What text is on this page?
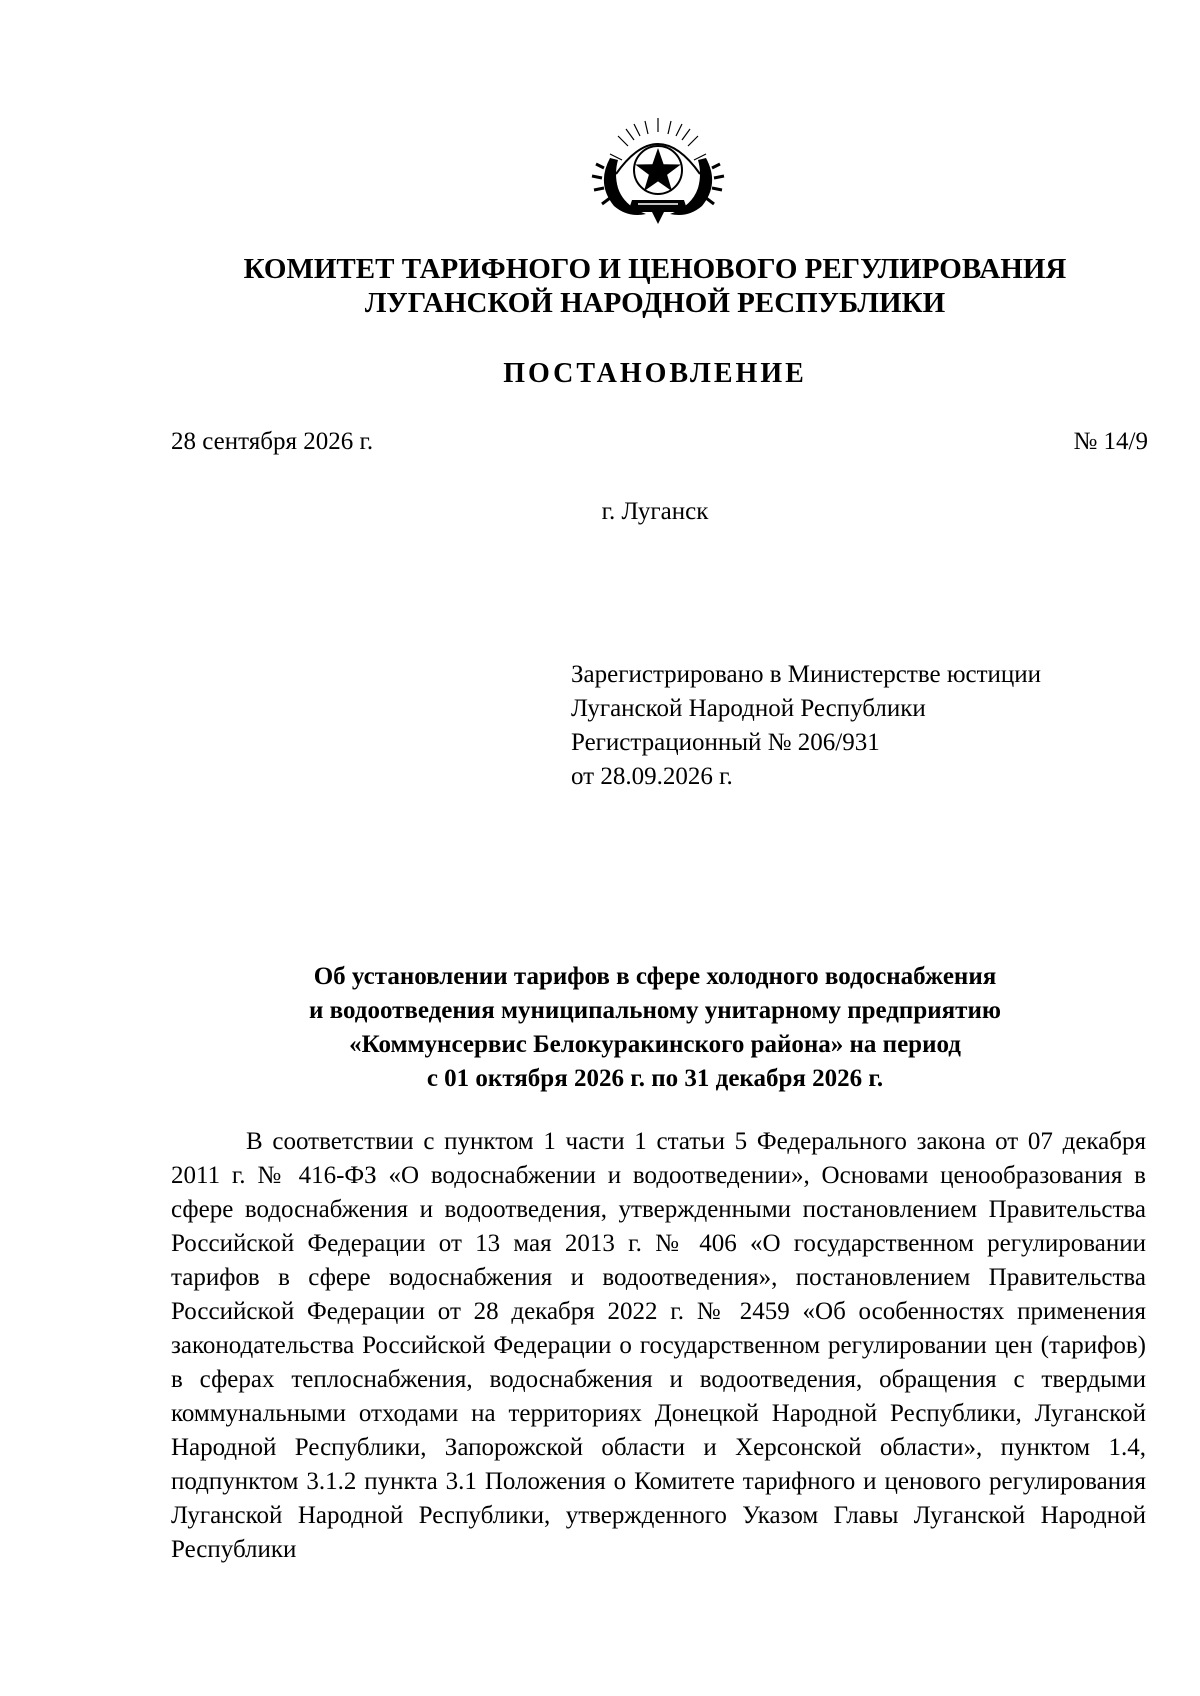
КОМИТЕТ ТАРИФНОГО И ЦЕНОВОГО РЕГУЛИРОВАНИЯ
ЛУГАНСКОЙ НАРОДНОЙ РЕСПУБЛИКИ
ПОСТАНОВЛЕНИЕ
28 сентября 2026 г.	№ 14/9
г. Луганск
Зарегистрировано в Министерстве юстиции
Луганской Народной Республики
Регистрационный № 206/931
от 28.09.2026 г.
Об установлении тарифов в сфере холодного водоснабжения
и водоотведения муниципальному унитарному предприятию
«Коммунсервис Белокуракинского района» на период
с 01 октября 2026 г. по 31 декабря 2026 г.

В соответствии с пунктом 1 части 1 статьи 5 Федерального закона от 07 декабря 2011 г. № 416-ФЗ «О водоснабжении и водоотведении», Основами ценообразования в сфере водоснабжения и водоотведения, утвержденными постановлением Правительства Российской Федерации от 13 мая 2013 г. № 406 «О государственном регулировании тарифов в сфере водоснабжения и водоотведения», постановлением Правительства Российской Федерации от 28 декабря 2022 г. № 2459 «Об особенностях применения законодательства Российской Федерации о государственном регулировании цен (тарифов) в сферах теплоснабжения, водоснабжения и водоотведения, обращения с твердыми коммунальными отходами на территориях Донецкой Народной Республики, Луганской Народной Республики, Запорожской области и Херсонской области», пунктом 1.4, подпунктом 3.1.2 пункта 3.1 Положения о Комитете тарифного и ценового регулирования Луганской Народной Республики, утвержденного Указом Главы Луганской Народной Республики
